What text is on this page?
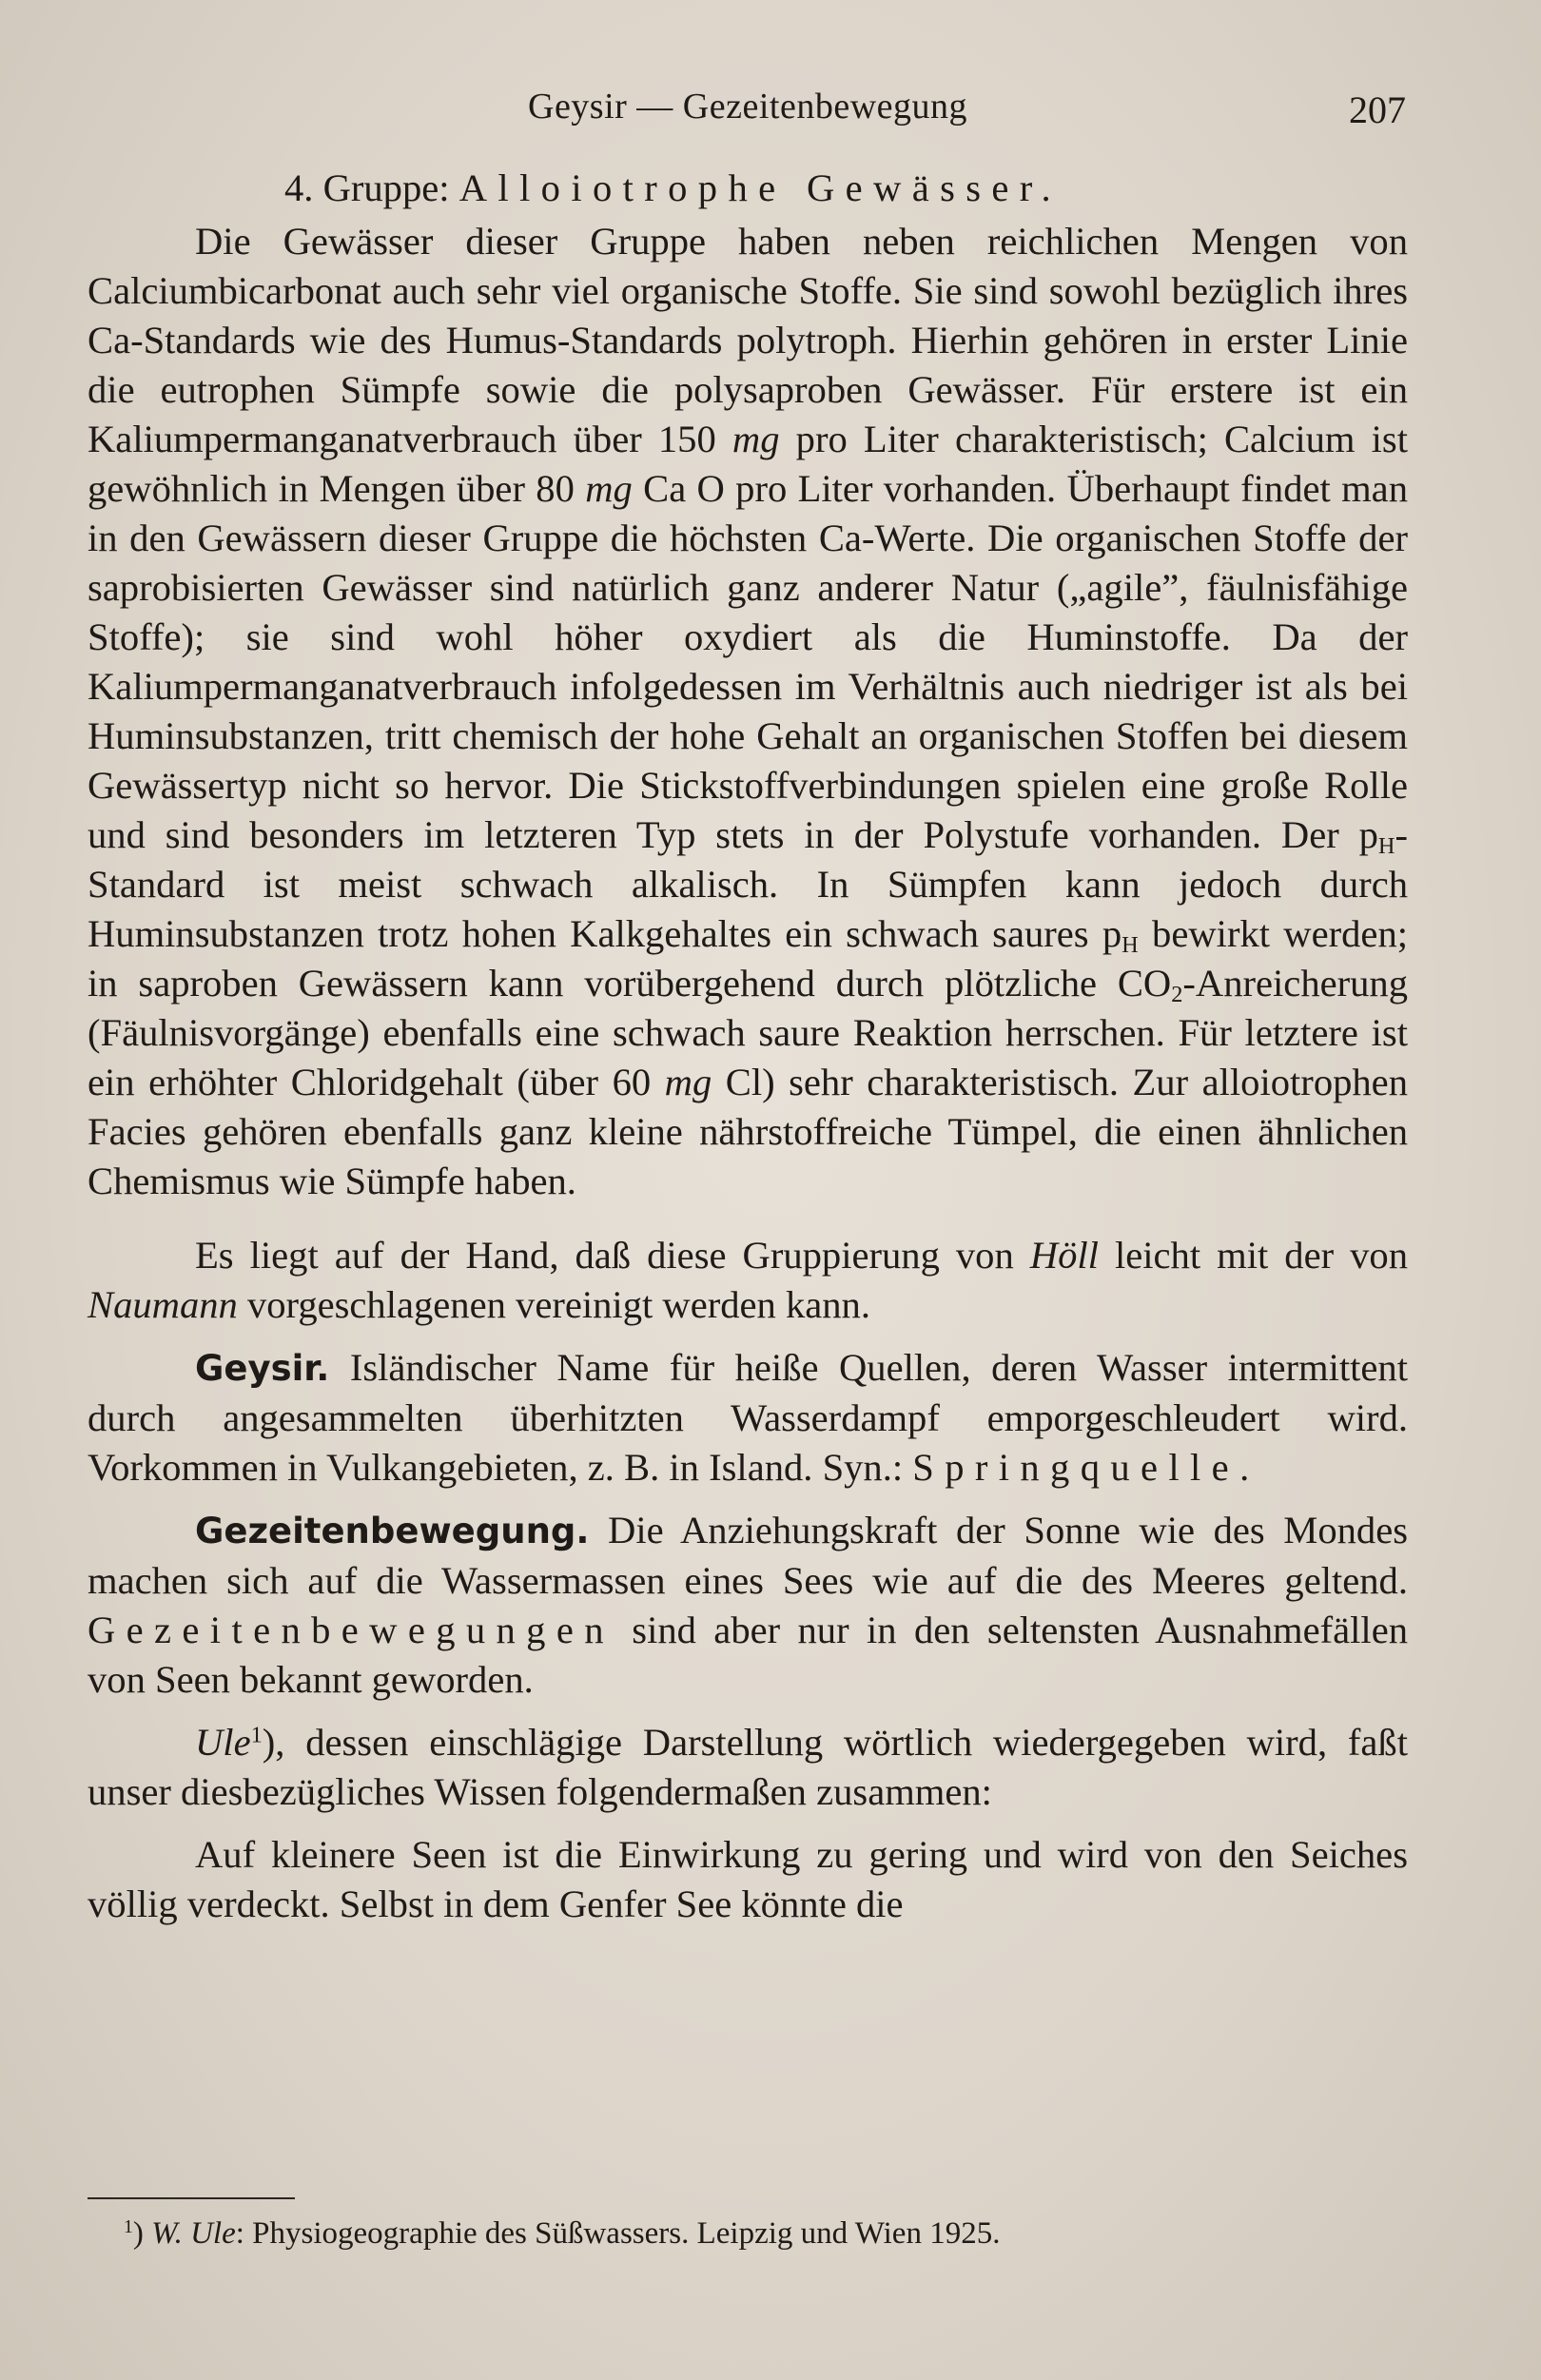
Geysir — Gezeitenbewegung	207
4. Gruppe: Alloiotrophe Gewässer.

Die Gewässer dieser Gruppe haben neben reichlichen Mengen von Calciumbicarbonat auch sehr viel organische Stoffe. Sie sind sowohl bezüglich ihres Ca-Standards wie des Humus-Standards polytroph. Hierhin gehören in erster Linie die eutrophen Sümpfe sowie die polysaproben Gewässer. Für erstere ist ein Kaliumpermanganatverbrauch über 150 mg pro Liter charakteristisch; Calcium ist gewöhnlich in Mengen über 80 mg Ca O pro Liter vorhanden. Überhaupt findet man in den Gewässern dieser Gruppe die höchsten Ca-Werte. Die organischen Stoffe der saprobisierten Gewässer sind natürlich ganz anderer Natur („agile”, fäulnisfähige Stoffe); sie sind wohl höher oxydiert als die Huminstoffe. Da der Kaliumpermanganatverbrauch infolgedessen im Verhältnis auch niedriger ist als bei Huminsubstanzen, tritt chemisch der hohe Gehalt an organischen Stoffen bei diesem Gewässertyp nicht so hervor. Die Stickstoffverbindungen spielen eine große Rolle und sind besonders im letzteren Typ stets in der Polystufe vorhanden. Der $p_H$-Standard ist meist schwach alkalisch. In Sümpfen kann jedoch durch Huminsubstanzen trotz hohen Kalkgehaltes ein schwach saures $p_H$ bewirkt werden; in saproben Gewässern kann vorübergehend durch plötzliche $CO_2$-Anreicherung (Fäulnisvorgänge) ebenfalls eine schwach saure Reaktion herrschen. Für letztere ist ein erhöhter Chloridgehalt (über 60 mg Cl) sehr charakteristisch. Zur alloiotrophen Facies gehören ebenfalls ganz kleine nährstoffreiche Tümpel, die einen ähnlichen Chemismus wie Sümpfe haben.

Es liegt auf der Hand, daß diese Gruppierung von Höll leicht mit der von Naumann vorgeschlagenen vereinigt werden kann.

Geysir. Isländischer Name für heiße Quellen, deren Wasser intermittent durch angesammelten überhitzten Wasserdampf emporgeschleudert wird. Vorkommen in Vulkangebieten, z. B. in Island. Syn.: Springquelle.

Gezeitenbewegung. Die Anziehungskraft der Sonne wie des Mondes machen sich auf die Wassermassen eines Sees wie auf die des Meeres geltend. Gezeitenbewegungen sind aber nur in den seltensten Ausnahmefällen von Seen bekannt geworden.

Ule$^1$), dessen einschlägige Darstellung wörtlich wiedergegeben wird, faßt unser diesbezügliches Wissen folgendermaßen zusammen:

Auf kleinere Seen ist die Einwirkung zu gering und wird von den Seiches völlig verdeckt. Selbst in dem Genfer See könnte die

$^1$) W. Ule: Physiogeographie des Süßwassers. Leipzig und Wien 1925.
